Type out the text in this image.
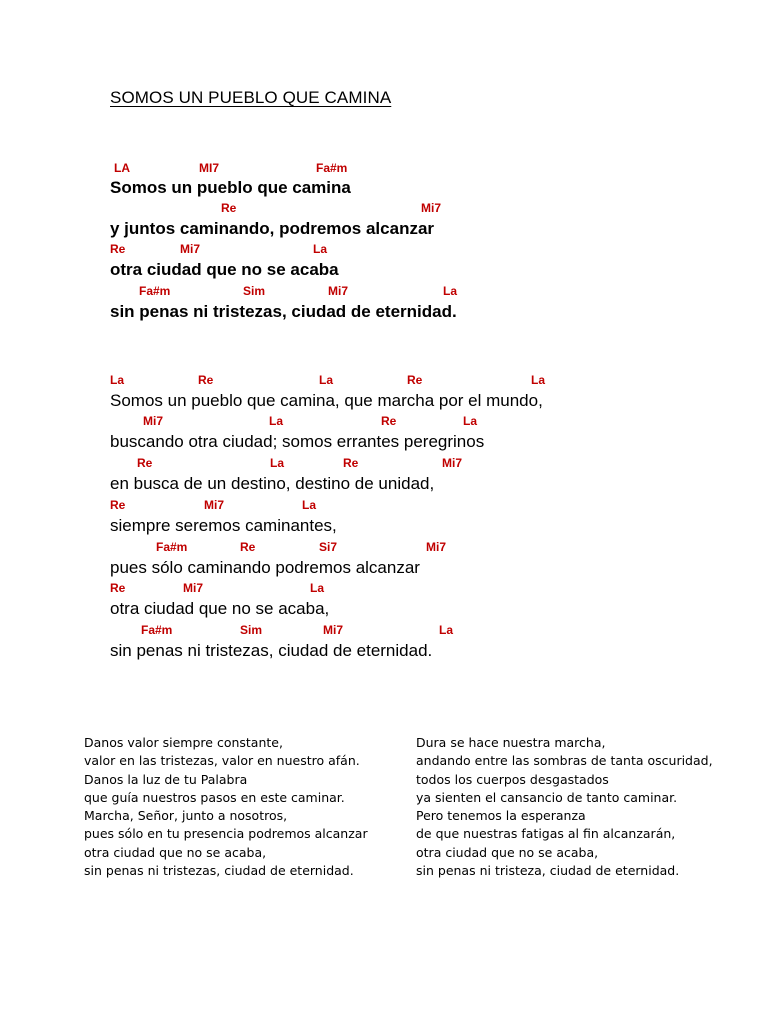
SOMOS UN PUEBLO QUE CAMINA
LA	MI7	Fa#m
Somos un pueblo que camina
Re	Mi7
y juntos caminando, podremos alcanzar
Re	Mi7	La
otra ciudad que no se acaba
Fa#m	Sim	Mi7	La
sin penas ni tristezas, ciudad de eternidad.
La	Re	La	Re	La
Somos un pueblo que camina, que marcha por el mundo,
Mi7	La	Re	La
buscando otra ciudad; somos errantes peregrinos
Re	La	Re	Mi7
en busca de un destino, destino de unidad,
Re	Mi7	La
siempre seremos caminantes,
Fa#m	Re	Si7	Mi7
pues sólo caminando podremos alcanzar
Re	Mi7	La
otra ciudad que no se acaba,
Fa#m	Sim	Mi7	La
sin penas ni tristezas, ciudad de eternidad.
Danos valor siempre constante,
valor en las tristezas, valor en nuestro afán.
Danos la luz de tu Palabra
que guía nuestros pasos en este caminar.
Marcha, Señor, junto a nosotros,
pues sólo en tu presencia podremos alcanzar
otra ciudad que no se acaba,
sin penas ni tristezas, ciudad de eternidad.
Dura se hace nuestra marcha,
andando entre las sombras de tanta oscuridad,
todos los cuerpos desgastados
ya sienten el cansancio de tanto caminar.
Pero tenemos la esperanza
de que nuestras fatigas al fin alcanzarán,
otra ciudad que no se acaba,
sin penas ni tristeza, ciudad de eternidad.
